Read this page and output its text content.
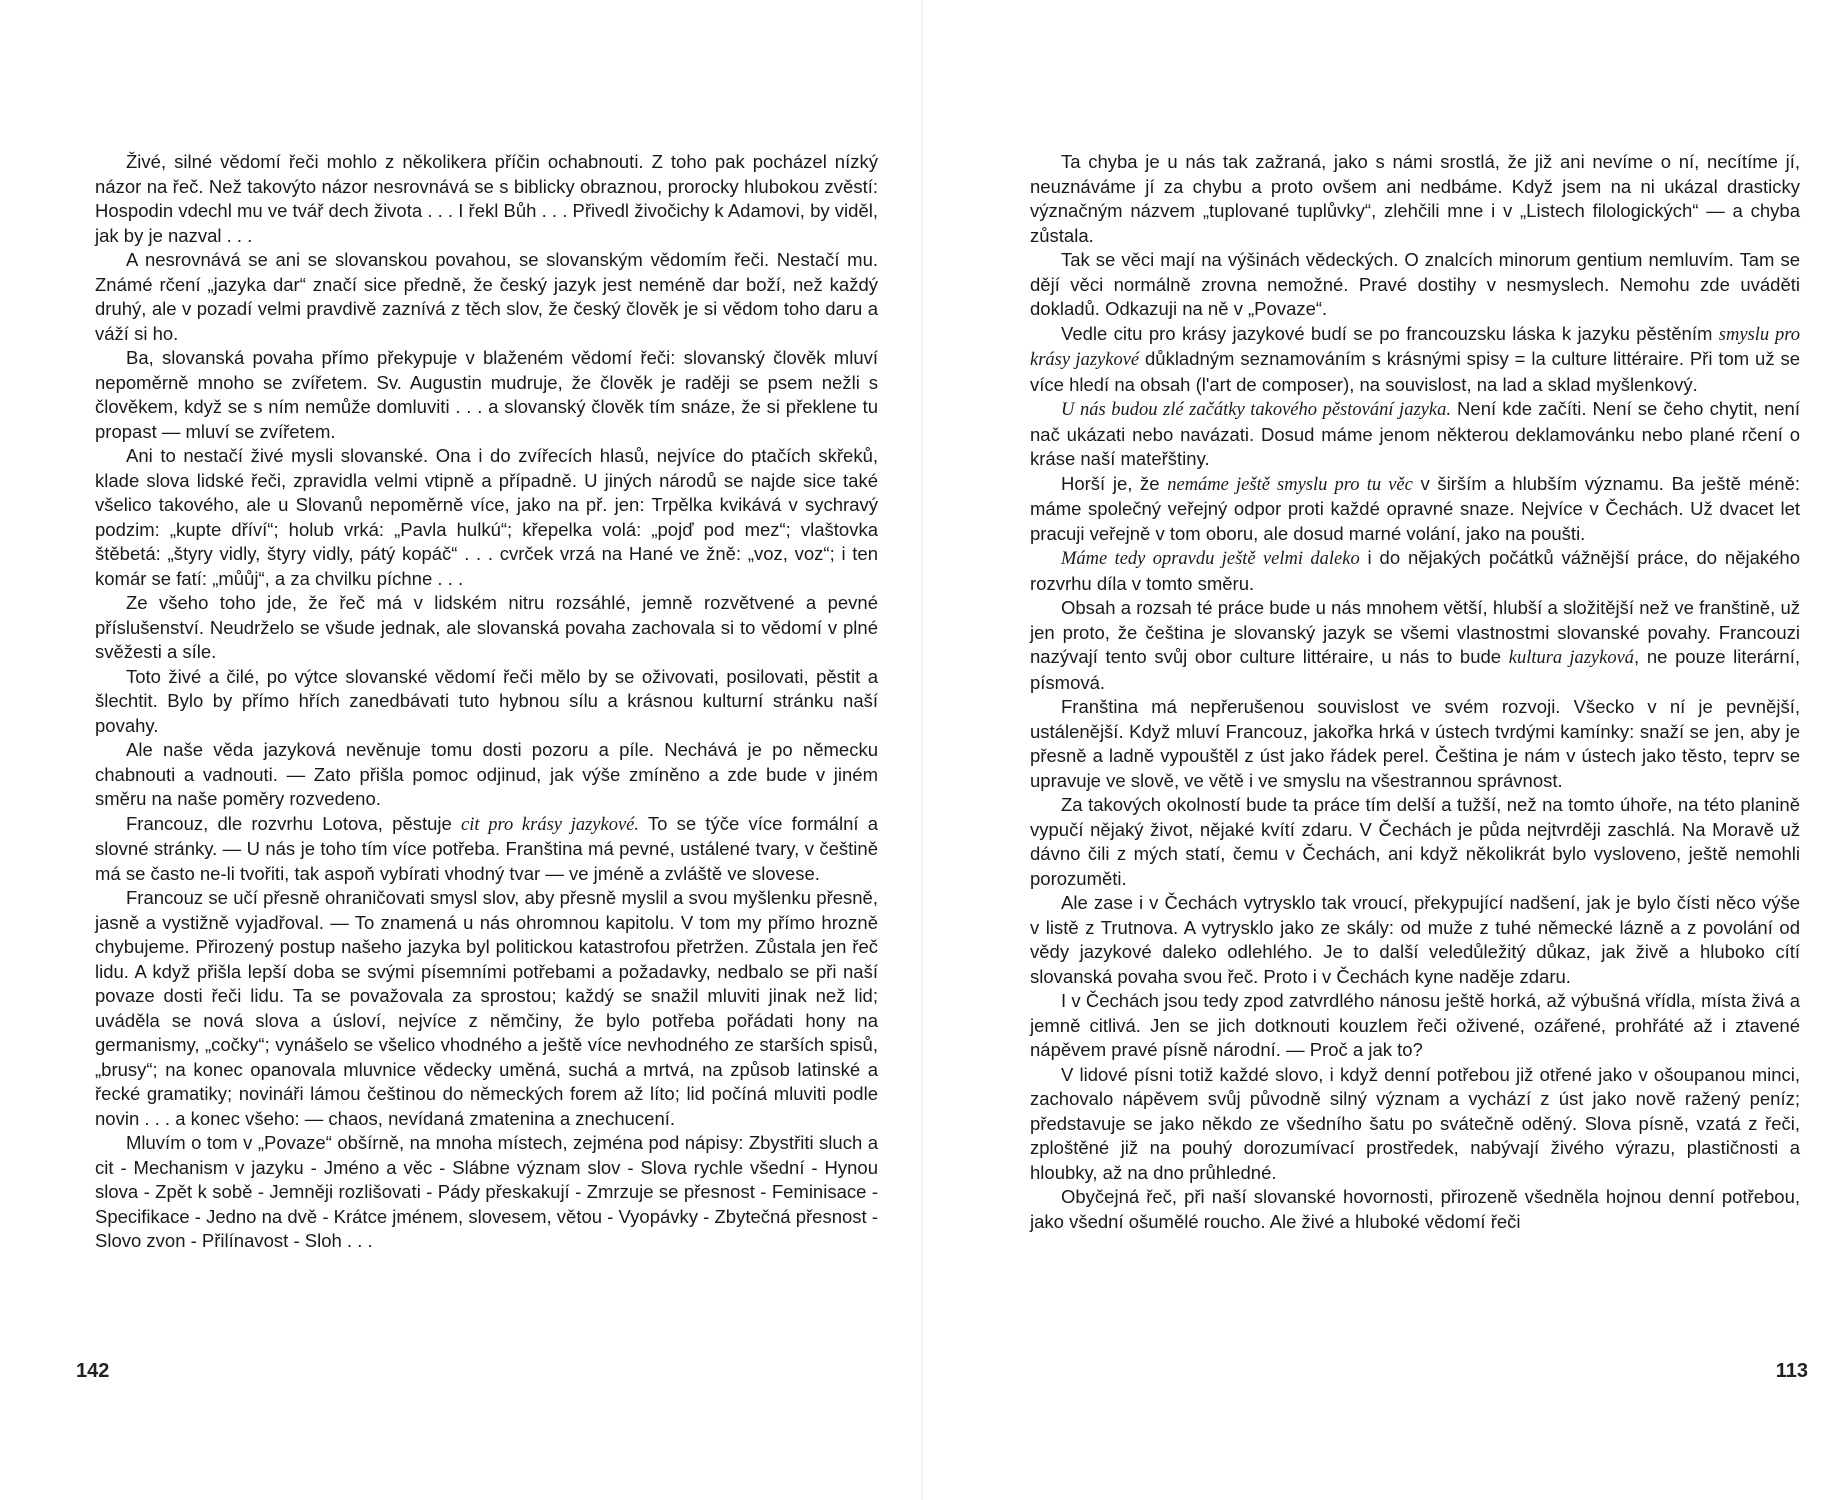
Živé, silné vědomí řeči mohlo z několikera příčin ochabnouti. Z toho pak pocházel nízký názor na řeč. Než takovýto názor nesrovnává se s biblicky obraznou, prorocky hlubokou zvěstí: Hospodin vdechl mu ve tvář dech života . . . I řekl Bůh . . . Přivedl živočichy k Adamovi, by viděl, jak by je nazval . . .

A nesrovnává se ani se slovanskou povahou, se slovanským vědomím řeči. Nestačí mu. Známé rčení „jazyka dar“ značí sice předně, že český jazyk jest neméně dar boží, než každý druhý, ale v pozadí velmi pravdivě zaznívá z těch slov, že český člověk je si vědom toho daru a váží si ho.

Ba, slovanská povaha přímo překypuje v blaženém vědomí řeči: slovanský člověk mluví nepoměrně mnoho se zvířetem. Sv. Augustin mudruje, že člověk je raději se psem nežli s člověkem, když se s ním nemůže domluviti . . . a slovanský člověk tím snáze, že si překlene tu propast — mluví se zvířetem.

Ani to nestačí živé mysli slovanské. Ona i do zvířecích hlasů, nejvíce do ptačích skřeků, klade slova lidské řeči, zpravidla velmi vtipně a případně. U jiných národů se najde sice také všelico takového, ale u Slovanů nepoměrně více, jako na př. jen: Trpělka kvikává v sychravý podzim: „kupte dříví“; holub vrká: „Pavla hulkú“; křepelka volá: „pojď pod mez“; vlaštovka štěbetá: „štyry vidly, štyry vidly, pátý kopáč“ . . . cvrček vrzá na Hané ve žně: „voz, voz“; i ten komár se fatí: „můůj“, a za chvilku píchne . . .

Ze všeho toho jde, že řeč má v lidském nitru rozsáhlé, jemně rozvětvené a pevné příslušenství. Neudrželo se všude jednak, ale slovanská povaha zachovala si to vědomí v plné svěžesti a síle.

Toto živé a čilé, po výtce slovanské vědomí řeči mělo by se oživovati, posilovati, pěstit a šlechtit. Bylo by přímo hřích zanedbávati tuto hybnou sílu a krásnou kulturní stránku naší povahy.

Ale naše věda jazyková nevěnuje tomu dosti pozoru a píle. Nechává je po německu chabnouti a vadnouti. — Zato přišla pomoc odjinud, jak výše zmíněno a zde bude v jiném směru na naše poměry rozvedeno.

Francouz, dle rozvrhu Lotova, pěstuje cit pro krásy jazykové. To se týče více formální a slovné stránky. — U nás je toho tím více potřeba. Franština má pevné, ustálené tvary, v češtině má se často ne-li tvořiti, tak aspoň vybírati vhodný tvar — ve jméně a zvláště ve slovese.

Francouz se učí přesně ohraničovati smysl slov, aby přesně myslil a svou myšlenku přesně, jasně a vystižně vyjadřoval. — To znamená u nás ohromnou kapitolu. V tom my přímo hrozně chybujeme. Přirozený postup našeho jazyka byl politickou katastrofou přetržen. Zůstala jen řeč lidu. A když přišla lepší doba se svými písemními potřebami a požadavky, nedbalo se při naší povaze dosti řeči lidu. Ta se považovala za sprostou; každý se snažil mluviti jinak než lid; uváděla se nová slova a úsloví, nejvíce z němčiny, že bylo potřeba pořádati hony na germanismy, „cočky“; vynášelo se všelico vhodného a ještě více nevhodného ze starších spisů, „brusy“; na konec opanovala mluvnice vědecky uměná, suchá a mrtvá, na způsob latinské a řecké gramatiky; novináři lámou češtinou do německých forem až líto; lid počíná mluviti podle novin . . . a konec všeho: — chaos, nevídaná zmatenina a znechucení.

Mluvím o tom v „Povaze“ obšírně, na mnoha místech, zejména pod nápisy: Zbystřiti sluch a cit - Mechanism v jazyku - Jméno a věc - Slábne význam slov - Slova rychle všední - Hynou slova - Zpět k sobě - Jemněji rozlišovati - Pády přeskakují - Zmrzuje se přesnost - Feminisace - Specifikace - Jedno na dvě - Krátce jménem, slovesem, větou - Vyopávky - Zbytečná přesnost - Slovo zvon - Přilínavost - Sloh . . .

142

Ta chyba je u nás tak zažraná, jako s námi srostlá, že již ani nevíme o ní, necítíme jí, neuznáváme jí za chybu a proto ovšem ani nedbáme. Když jsem na ni ukázal drasticky význačným názvem „tuplované tuplůvky“, zlehčili mne i v „Listech filologických“ — a chyba zůstala.

Tak se věci mají na výšinách vědeckých. O znalcích minorum gentium nemluvím. Tam se dějí věci normálně zrovna nemožné. Pravé dostihy v nesmyslech. Nemohu zde uváděti dokladů. Odkazuji na ně v „Povaze“.

Vedle citu pro krásy jazykové budí se po francouzsku láska k jazyku pěstěním smyslu pro krásy jazykové důkladným seznamováním s krásnými spisy = la culture littéraire. Při tom už se více hledí na obsah (l'art de composer), na souvislost, na lad a sklad myšlenkový.

U nás budou zlé začátky takového pěstování jazyka. Není kde začíti. Není se čeho chytit, není nač ukázati nebo navázati. Dosud máme jenom některou deklamovánku nebo plané rčení o kráse naší mateřštiny.

Horší je, že nemáme ještě smyslu pro tu věc v širším a hlubším významu. Ba ještě méně: máme společný veřejný odpor proti každé opravné snaze. Nejvíce v Čechách. Už dvacet let pracuji veřejně v tom oboru, ale dosud marné volání, jako na poušti.

Máme tedy opravdu ještě velmi daleko i do nějakých počátků vážnější práce, do nějakého rozvrhu díla v tomto směru.

Obsah a rozsah té práce bude u nás mnohem větší, hlubší a složitější než ve franštině, už jen proto, že čeština je slovanský jazyk se všemi vlastnostmi slovanské povahy. Francouzi nazývají tento svůj obor culture littéraire, u nás to bude kultura jazyková, ne pouze literární, písmová.

Franština má nepřerušenou souvislost ve svém rozvoji. Všecko v ní je pevnější, ustálenější. Když mluví Francouz, jakořka hrká v ústech tvrdými kamínky: snaží se jen, aby je přesně a ladně vypouštěl z úst jako řádek perel. Čeština je nám v ústech jako těsto, teprv se upravuje ve slově, ve větě i ve smyslu na všestrannou správnost.

Za takových okolností bude ta práce tím delší a tužší, než na tomto úhoře, na této planině vypučí nějaký život, nějaké kvítí zdaru. V Čechách je půda nejtvrději zaschlá. Na Moravě už dávno čili z mých statí, čemu v Čechách, ani když několikrát bylo vysloveno, ještě nemohli porozuměti.

Ale zase i v Čechách vytrysklo tak vroucí, překypující nadšení, jak je bylo čísti něco výše v listě z Trutnova. A vytrysklo jako ze skály: od muže z tuhé německé lázně a z povolání od vědy jazykové daleko odlehlého. Je to další veledůležitý důkaz, jak živě a hluboko cítí slovanská povaha svou řeč. Proto i v Čechách kyne naděje zdaru.

I v Čechách jsou tedy zpod zatvrdlého nánosu ještě horká, až výbušná vřídla, místa živá a jemně citlivá. Jen se jich dotknouti kouzlem řeči oživené, ozářené, prohřáté až i ztavené nápěvem pravé písně národní. — Proč a jak to?

V lidové písni totiž každé slovo, i když denní potřebou již otřené jako v ošoupanou minci, zachovalo nápěvem svůj původně silný význam a vychází z úst jako nově ražený peníz; představuje se jako někdo ze všedního šatu po svátečně oděný. Slova písně, vzatá z řeči, zploštěné již na pouhý dorozumívací prostředek, nabývají živého výrazu, plastičnosti a hloubky, až na dno průhledné.

Obyčejná řeč, při naší slovanské hovornosti, přirozeně všedněla hojnou denní potřebou, jako všední ošumělé roucho. Ale živé a hluboké vědomí řeči

113
